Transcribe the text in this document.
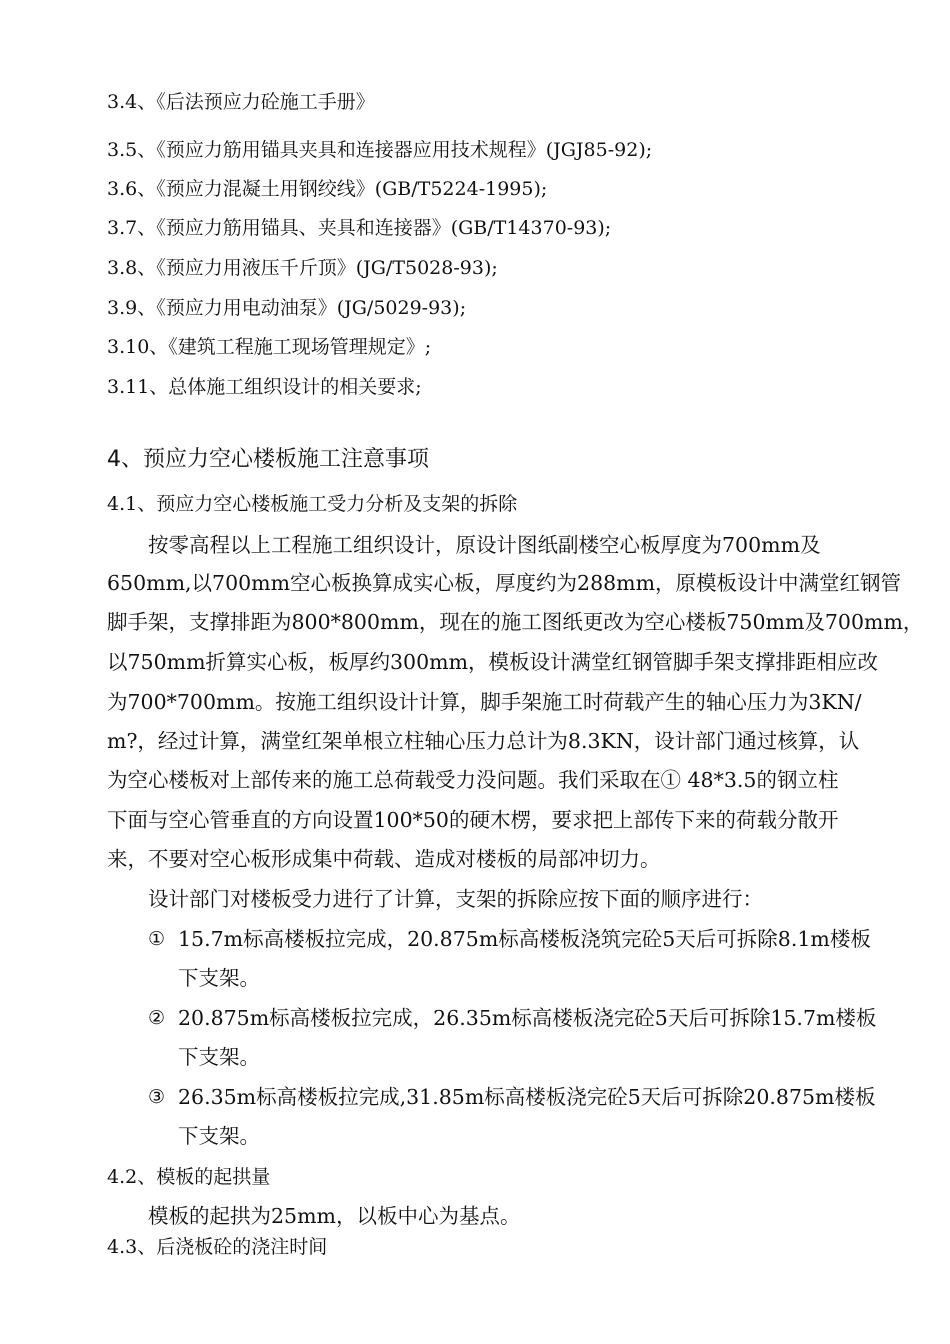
3.4、《后法预应力砼施工手册》
3.5、《预应力筋用锚具夹具和连接器应用技术规程》(JGJ85-92);
3.6、《预应力混凝土用钢绞线》(GB/T5224-1995);
3.7、《预应力筋用锚具、夹具和连接器》(GB/T14370-93);
3.8、《预应力用液压千斤顶》(JG/T5028-93);
3.9、《预应力用电动油泵》(JG/5029-93);
3.10、《建筑工程施工现场管理规定》;
3.11、总体施工组织设计的相关要求;
4、预应力空心楼板施工注意事项
4.1、预应力空心楼板施工受力分析及支架的拆除
按零高程以上工程施工组织设计，原设计图纸副楼空心板厚度为700mm及
650mm,以700mm空心板换算成实心板，厚度约为288mm，原模板设计中满堂红钢管
脚手架，支撑排距为800*800mm，现在的施工图纸更改为空心楼板750mm及700mm，
以750mm折算实心板，板厚约300mm，模板设计满堂红钢管脚手架支撑排距相应改
为700*700mm。按施工组织设计计算，脚手架施工时荷载产生的轴心压力为3KN/
m?，经过计算，满堂红架单根立柱轴心压力总计为8.3KN，设计部门通过核算，认
为空心楼板对上部传来的施工总荷载受力没问题。我们采取在① 48*3.5的钢立柱
下面与空心管垂直的方向设置100*50的硬木楞，要求把上部传下来的荷载分散开
来，不要对空心板形成集中荷载、造成对楼板的局部冲切力。
设计部门对楼板受力进行了计算，支架的拆除应按下面的顺序进行：
① 15.7m标高楼板拉完成，20.875m标高楼板浇筑完砼5天后可拆除8.1m楼板
下支架。
② 20.875m标高楼板拉完成，26.35m标高楼板浇完砼5天后可拆除15.7m楼板
下支架。
③ 26.35m标高楼板拉完成,31.85m标高楼板浇完砼5天后可拆除20.875m楼板
下支架。
4.2、模板的起拱量
模板的起拱为25mm，以板中心为基点。
4.3、后浇板砼的浇注时间
